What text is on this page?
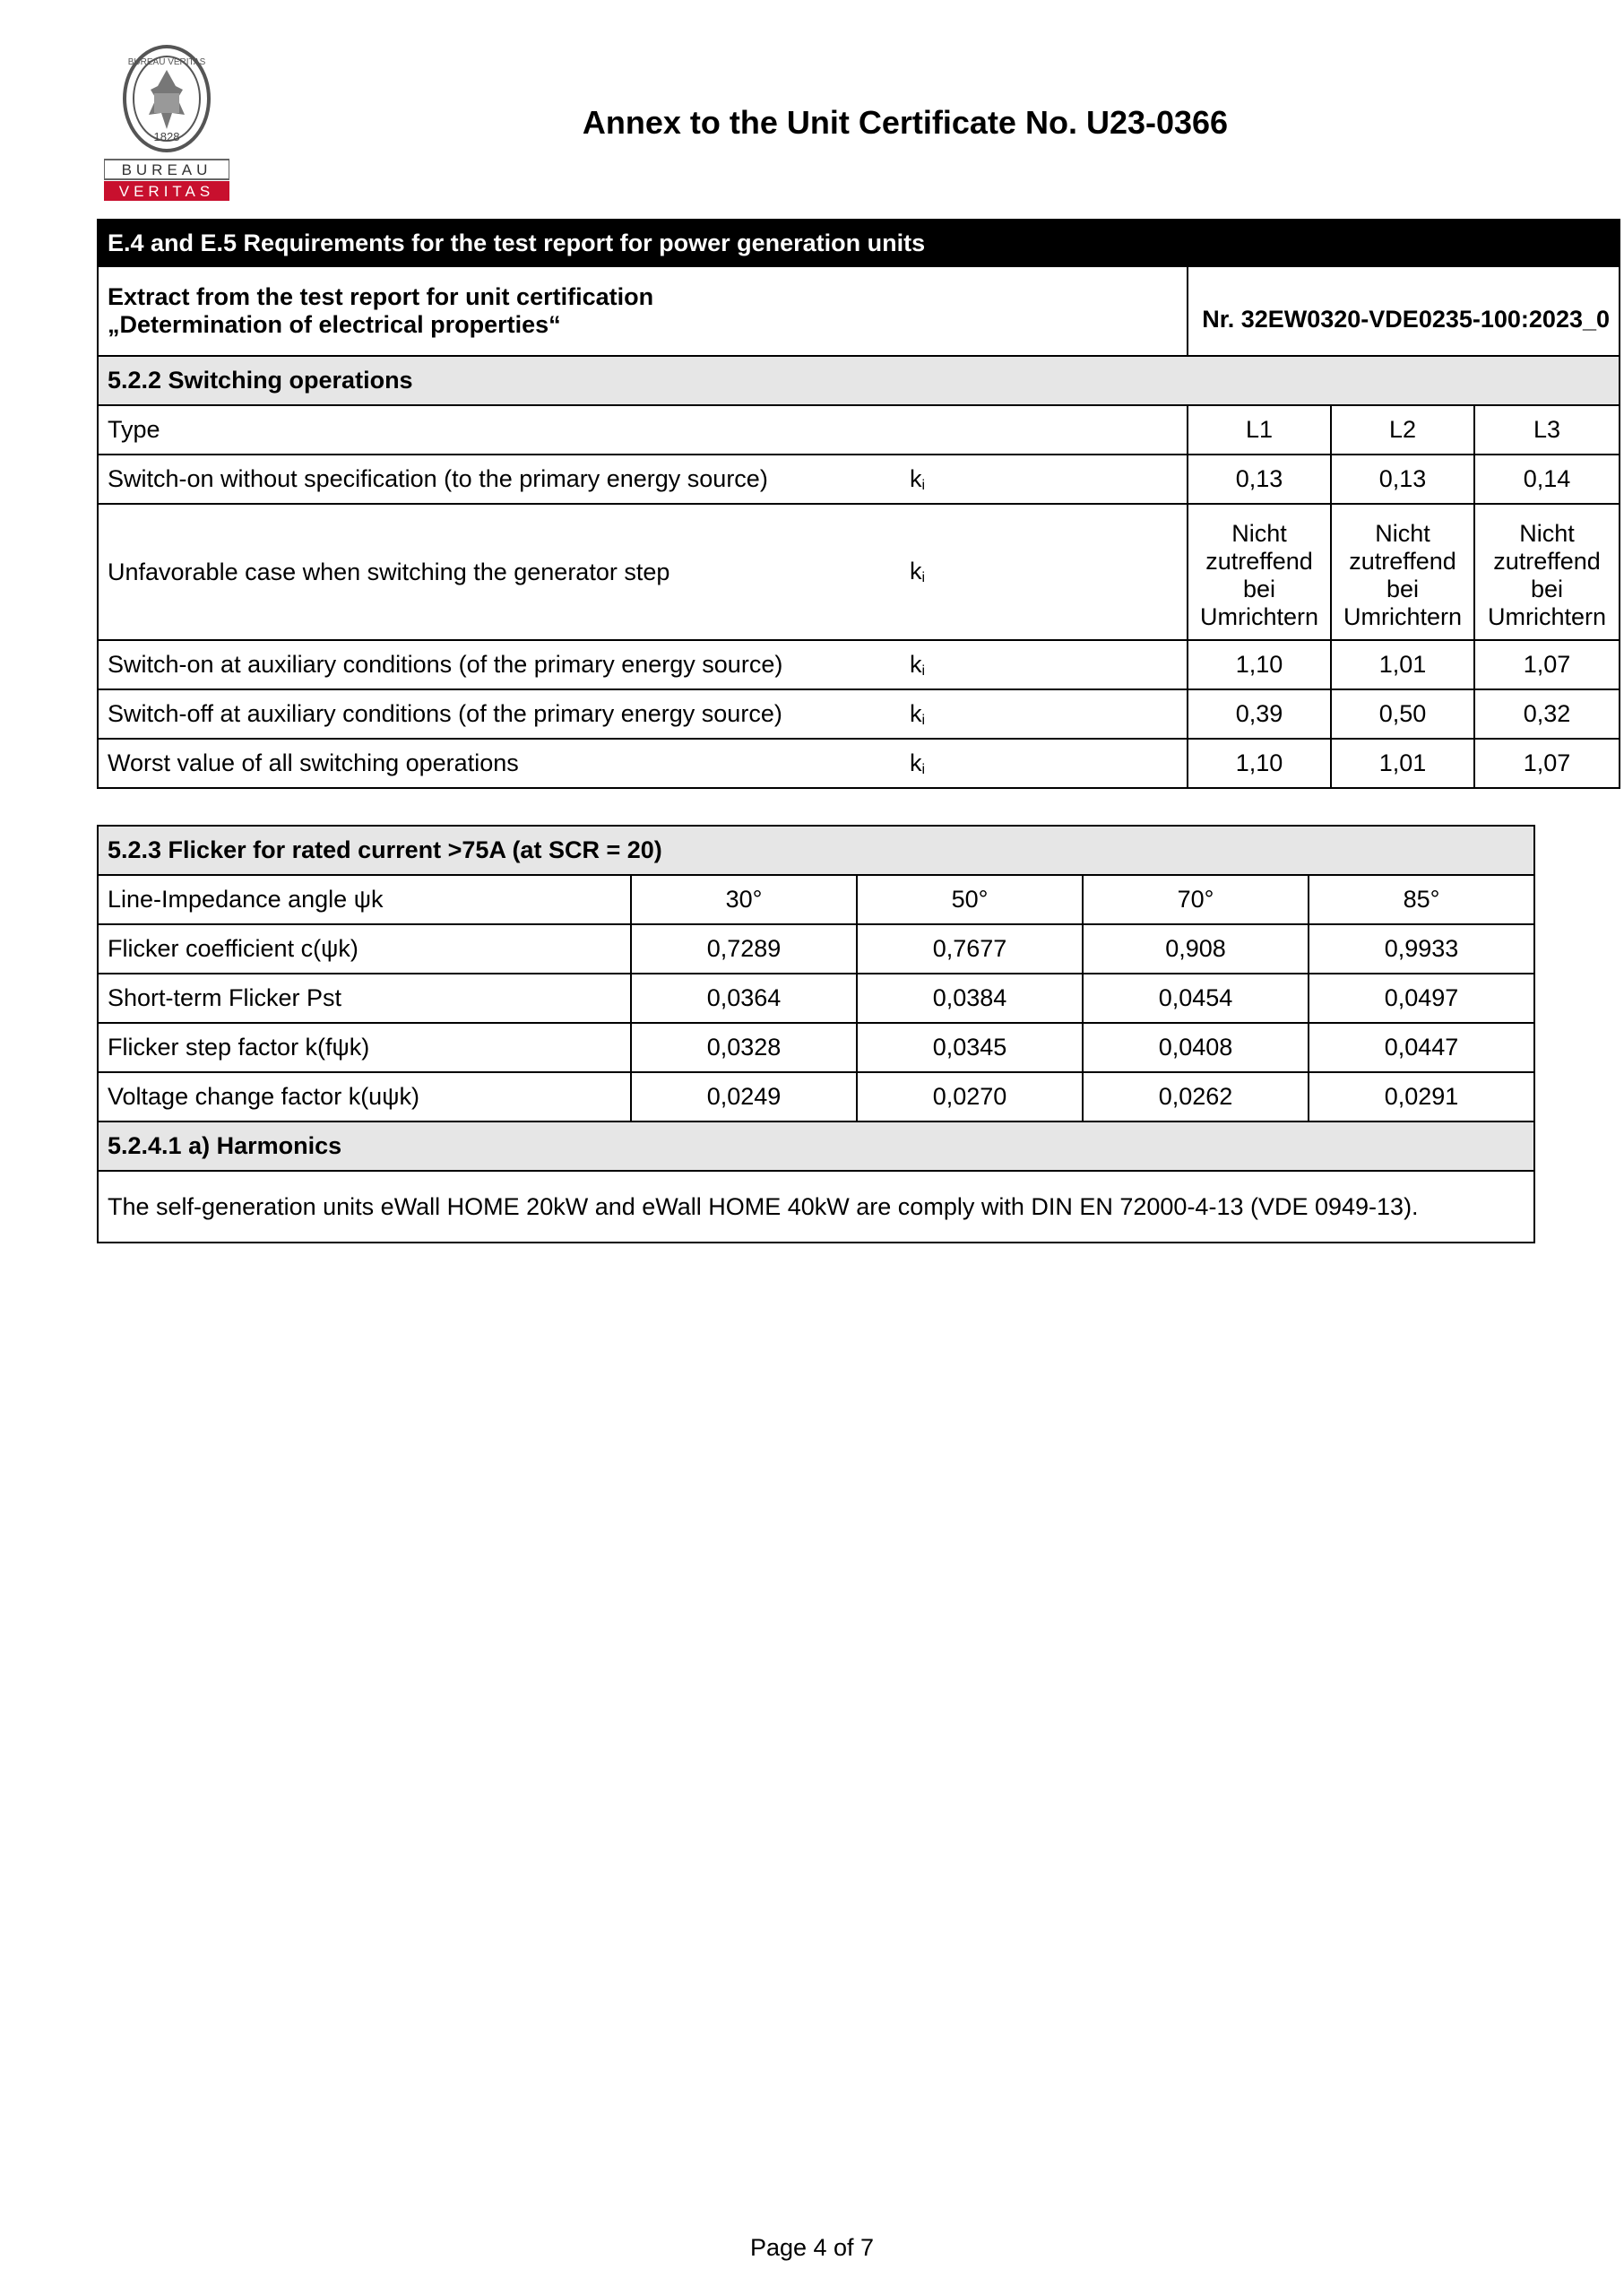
BUREAU VERITAS
1828
BUREAU
VERITAS
Annex to the Unit Certificate No. U23-0366
E.4 and E.5 Requirements for the test report for power generation units				

Extract from the test report for unit certification
„Determination of electrical properties“		Nr. 32EW0320-VDE0235-100:2023_0		
5.2.2 Switching operations				
Type		L1	L2	L3
Switch-on without specification (to the primary energy source)	$k_i$	0,13	0,13	0,14
Unfavorable case when switching the generator step	$k_i$	Nicht zutreffend bei Umrichtern	Nicht zutreffend bei Umrichtern	Nicht zutreffend bei Umrichtern
Switch-on at auxiliary conditions (of the primary energy source)	$k_i$	1,10	1,01	1,07
Switch-off at auxiliary conditions (of the primary energy source)	$k_i$	0,39	0,50	0,32
Worst value of all switching operations	$k_i$	1,10	1,01	1,07
5.2.3 Flicker for rated current >75A (at SCR = 20)				
Line-Impedance angle ψk	30°	50°	70°	85°
Flicker coefficient c(ψk)	0,7289	0,7677	0,908	0,9933
Short-term Flicker Pst	0,0364	0,0384	0,0454	0,0497
Flicker step factor k(fψk)	0,0328	0,0345	0,0408	0,0447
Voltage change factor k(uψk)	0,0249	0,0270	0,0262	0,0291
5.2.4.1 a) Harmonics				
The self-generation units eWall HOME 20kW and eWall HOME 40kW are comply with DIN EN 72000-4-13 (VDE 0949-13).				
Page 4 of 7
